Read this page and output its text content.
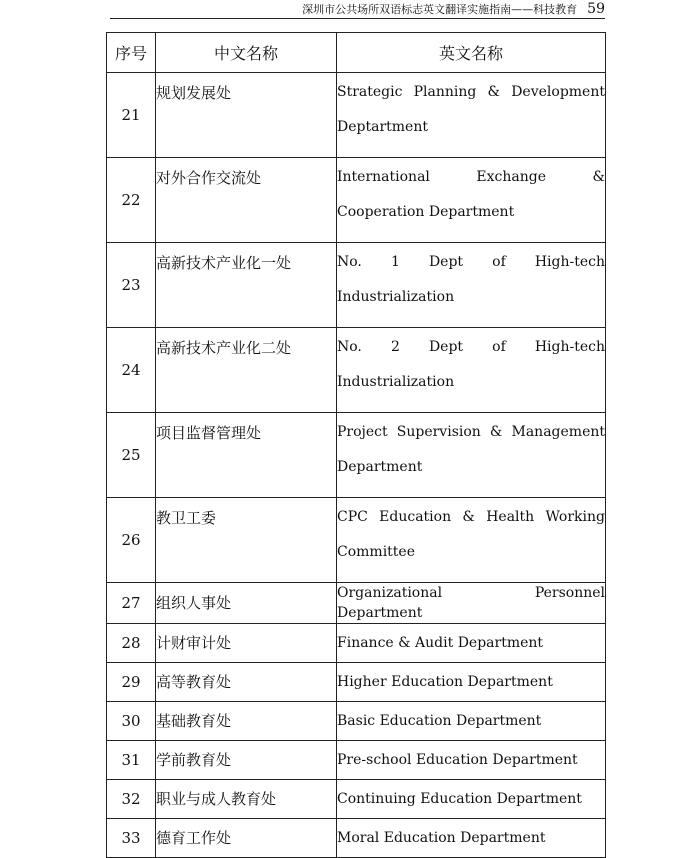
深圳市公共场所双语标志英文翻译实施指南——科技教育 59
序号	中文名称	英文名称
21	规划发展处	Strategic Planning & Development Deptartment
22	对外合作交流处	International Exchange & Cooperation Department
23	高新技术产业化一处	No. 1 Dept of High-tech Industrialization
24	高新技术产业化二处	No. 2 Dept of High-tech Industrialization
25	项目监督管理处	Project Supervision & Management Department
26	教卫工委	CPC Education & Health Working Committee
27	组织人事处	Organizational Personnel Department
28	计财审计处	Finance & Audit Department
29	高等教育处	Higher Education Department
30	基础教育处	Basic Education Department
31	学前教育处	Pre-school Education Department
32	职业与成人教育处	Continuing Education Department
33	德育工作处	Moral Education Department
